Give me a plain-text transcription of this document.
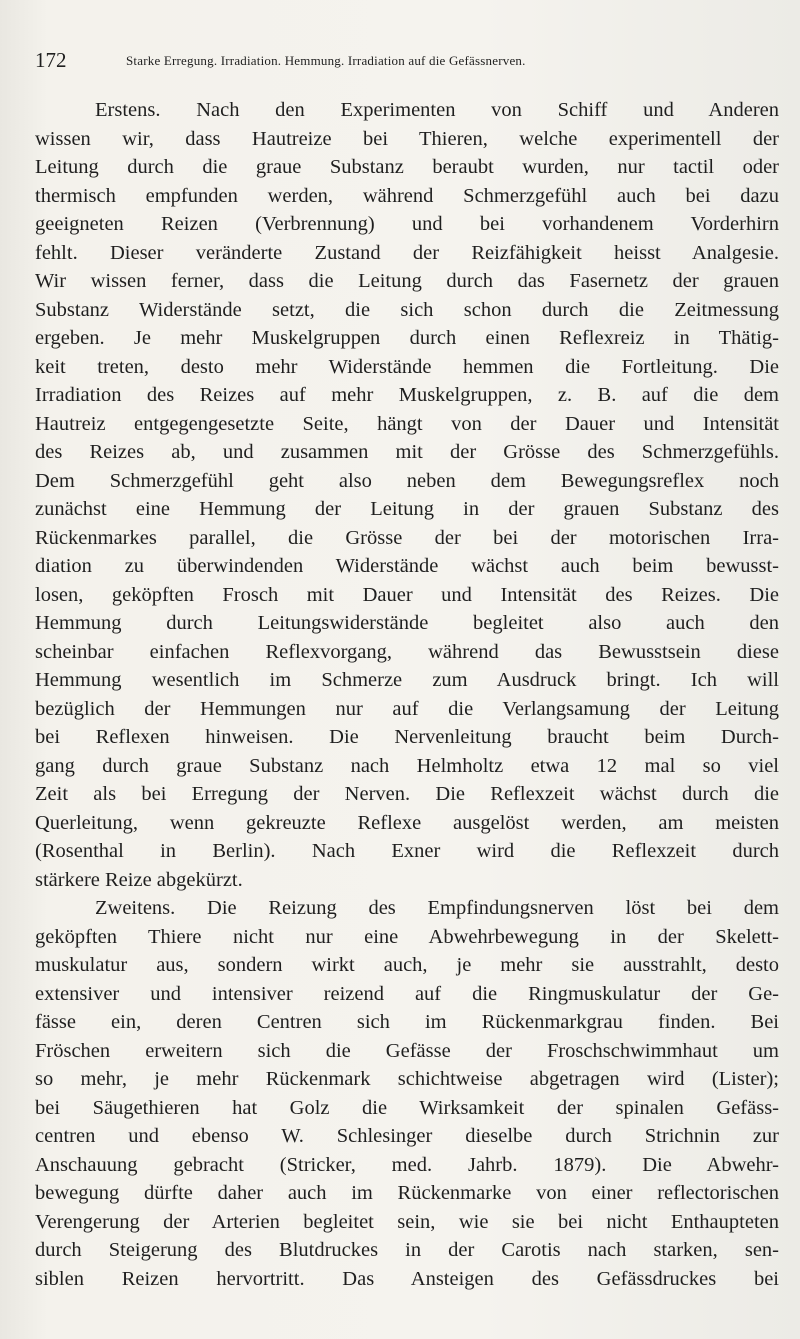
172	Starke Erregung. Irradiation. Hemmung. Irradiation auf die Gefässnerven.
Erstens. Nach den Experimenten von Schiff und Anderen
wissen wir, dass Hautreize bei Thieren, welche experimentell der
Leitung durch die graue Substanz beraubt wurden, nur tactil oder
thermisch empfunden werden, während Schmerzgefühl auch bei dazu
geeigneten Reizen (Verbrennung) und bei vorhandenem Vorderhirn
fehlt. Dieser veränderte Zustand der Reizfähigkeit heisst Analgesie.
Wir wissen ferner, dass die Leitung durch das Fasernetz der grauen
Substanz Widerstände setzt, die sich schon durch die Zeitmessung
ergeben. Je mehr Muskelgruppen durch einen Reflexreiz in Thätig-
keit treten, desto mehr Widerstände hemmen die Fortleitung. Die
Irradiation des Reizes auf mehr Muskelgruppen, z. B. auf die dem
Hautreiz entgegengesetzte Seite, hängt von der Dauer und Intensität
des Reizes ab, und zusammen mit der Grösse des Schmerzgefühls.
Dem Schmerzgefühl geht also neben dem Bewegungsreflex noch
zunächst eine Hemmung der Leitung in der grauen Substanz des
Rückenmarkes parallel, die Grösse der bei der motorischen Irra-
diation zu überwindenden Widerstände wächst auch beim bewusst-
losen, geköpften Frosch mit Dauer und Intensität des Reizes. Die
Hemmung durch Leitungswiderstände begleitet also auch den
scheinbar einfachen Reflexvorgang, während das Bewusstsein diese
Hemmung wesentlich im Schmerze zum Ausdruck bringt. Ich will
bezüglich der Hemmungen nur auf die Verlangsamung der Leitung
bei Reflexen hinweisen. Die Nervenleitung braucht beim Durch-
gang durch graue Substanz nach Helmholtz etwa 12 mal so viel
Zeit als bei Erregung der Nerven. Die Reflexzeit wächst durch die
Querleitung, wenn gekreuzte Reflexe ausgelöst werden, am meisten
(Rosenthal in Berlin). Nach Exner wird die Reflexzeit durch
stärkere Reize abgekürzt.
Zweitens. Die Reizung des Empfindungsnerven löst bei dem
geköpften Thiere nicht nur eine Abwehrbewegung in der Skelett-
muskulatur aus, sondern wirkt auch, je mehr sie ausstrahlt, desto
extensiver und intensiver reizend auf die Ringmuskulatur der Ge-
fässe ein, deren Centren sich im Rückenmarkgrau finden. Bei
Fröschen erweitern sich die Gefässe der Froschschwimmhaut um
so mehr, je mehr Rückenmark schichtweise abgetragen wird (Lister);
bei Säugethieren hat Golz die Wirksamkeit der spinalen Gefäss-
centren und ebenso W. Schlesinger dieselbe durch Strichnin zur
Anschauung gebracht (Stricker, med. Jahrb. 1879). Die Abwehr-
bewegung dürfte daher auch im Rückenmarke von einer reflectorischen
Verengerung der Arterien begleitet sein, wie sie bei nicht Enthaupteten
durch Steigerung des Blutdruckes in der Carotis nach starken, sen-
siblen Reizen hervortritt. Das Ansteigen des Gefässdruckes bei
